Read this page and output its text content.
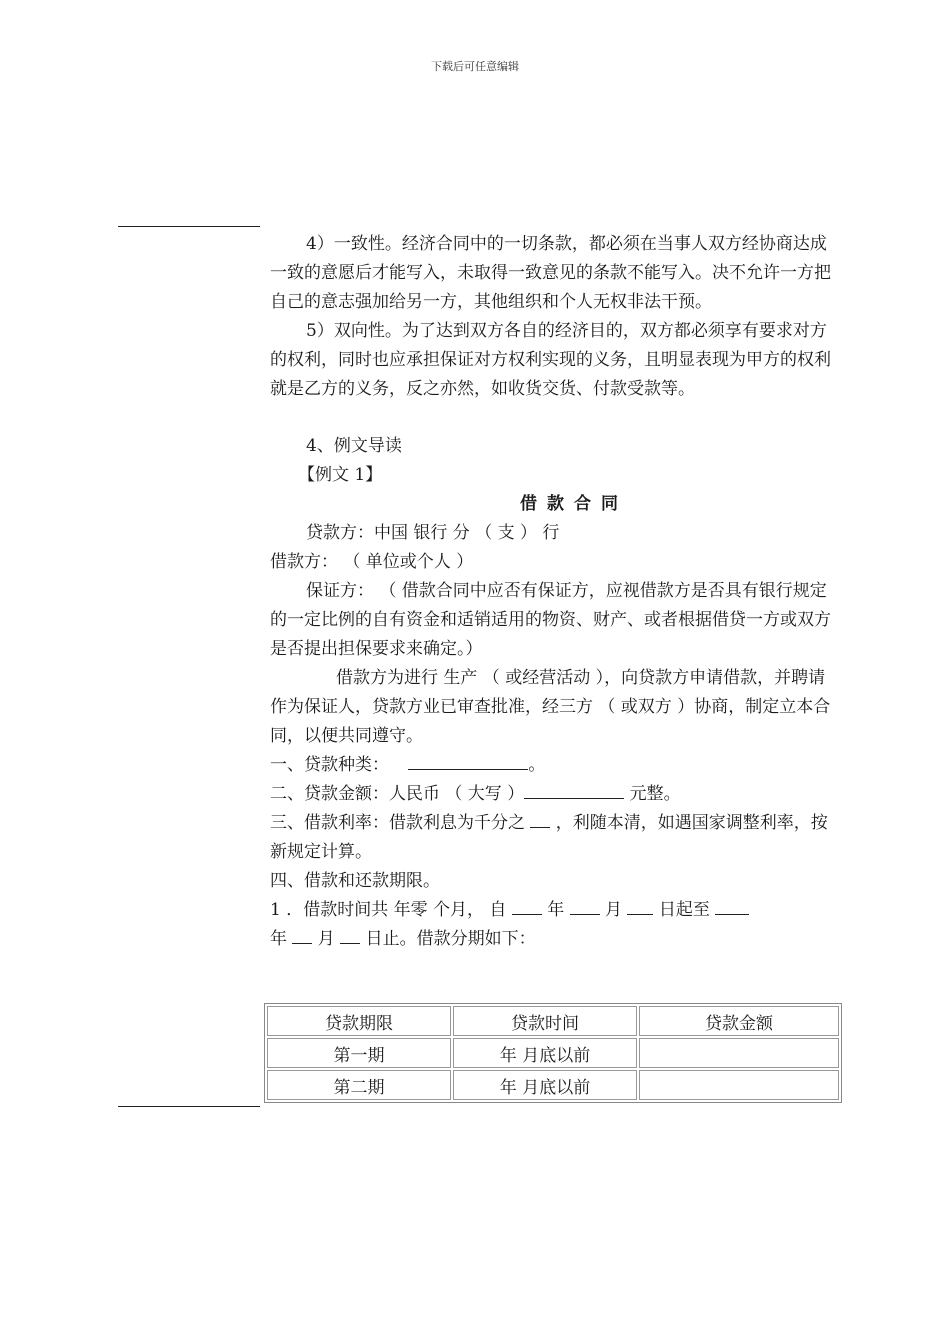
下载后可任意编辑

4）一致性。经济合同中的一切条款，都必须在当事人双方经协商达成一致的意愿后才能写入，未取得一致意见的条款不能写入。决不允许一方把自己的意志强加给另一方，其他组织和个人无权非法干预。

5）双向性。为了达到双方各自的经济目的，双方都必须享有要求对方的权利，同时也应承担保证对方权利实现的义务，且明显表现为甲方的权利就是乙方的义务，反之亦然，如收货交货、付款受款等。

4、例文导读

【例文 1】

借款合同

贷款方：中国 银行 分 （ 支 ） 行

借款方： （ 单位或个人 ）

保证方： （ 借款合同中应否有保证方，应视借款方是否具有银行规定的一定比例的自有资金和适销适用的物资、财产、或者根据借贷一方或双方是否提出担保要求来确定。）

借款方为进行 生产 （ 或经营活动 ），向贷款方申请借款，并聘请 作为保证人，贷款方业已审查批准，经三方 （ 或双方 ）协商，制定立本合同，以便共同遵守。

一、贷款种类：	。

二、贷款金额：人民币 （ 大写 ）	元整。

三、借款利率：借款利息为千分之  ，利随本清，如遇国家调整利率，按新规定计算。

四、借款和还款期限。

1 ．借款时间共 年零 个月， 自  年  月  日起至
年  月  日止。借款分期如下：

贷款期限	贷款时间	贷款金额
第一期	年 月底以前	
第二期	年 月底以前	
